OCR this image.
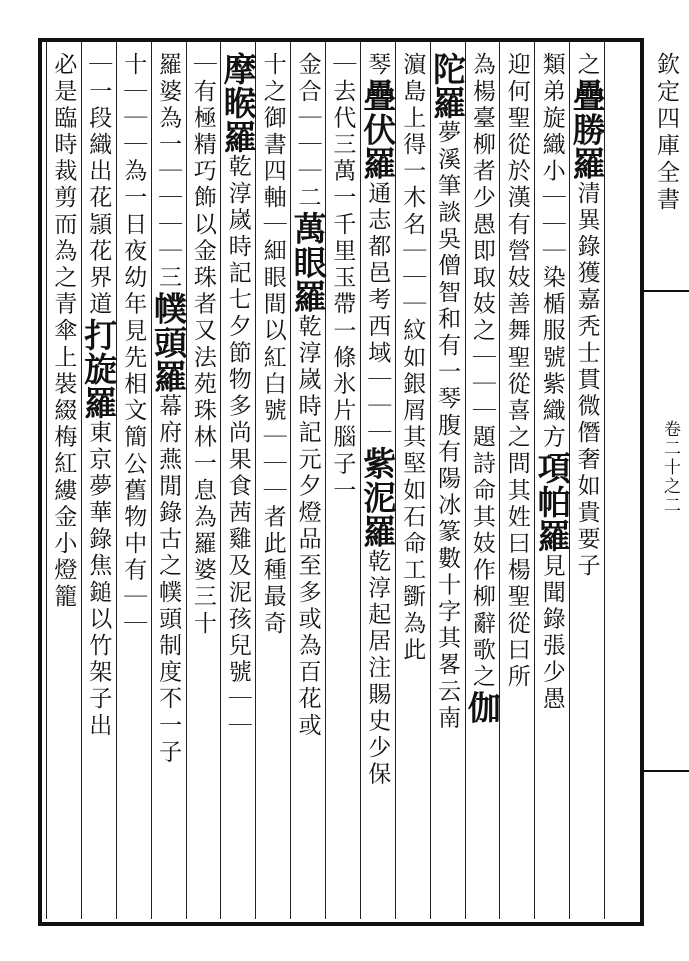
欽定四庫全書
卷二十之二
之疊勝羅清異錄獲嘉秃士貫微僭奢如貴要子
類弟旋織小｜｜｜染楯服號紫織方項帕羅見聞錄張少愚
迎何聖從於漢有營妓善舞聖從喜之問其姓曰楊聖從曰所
為楊臺柳者少愚即取妓之｜｜｜題詩命其妓作柳辭歌之伽
陀羅夢溪筆談吳僧智和有一琴腹有陽冰篆數十字其畧云南
濵島上得一木名｜｜｜紋如銀屑其堅如石命工斵為此
琴疊伏羅通志都邑考西域｜｜｜紫泥羅乾淳起居注賜史少保
｜去代三萬一千里玉帶一條氷片腦子一
金合｜｜｜二萬眼羅乾淳嵗時記元夕燈品至多或為百花或
十之御書四軸｜細眼間以紅白號｜｜｜者此種最奇
摩睺羅乾淳嵗時記七夕節物多尚果食茜雞及泥孩兒號｜｜
｜有極精巧飾以金珠者又法苑珠林一息為羅婆三十
羅婆為一｜｜｜｜三幞頭羅幕府燕閒錄古之幞頭制度不一子
十｜｜｜為一日夜幼年見先相文簡公舊物中有｜｜
｜一段織出花頴花界道打旋羅東京夢華錄焦鎚以竹架子出
必是臨時裁剪而為之青傘上裝綴梅紅縷金小燈籠
